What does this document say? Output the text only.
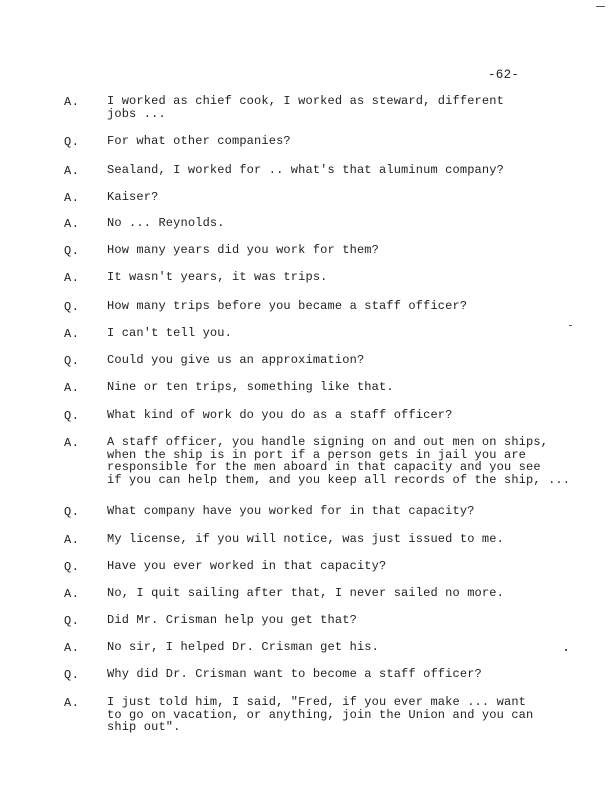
-62-
A. I worked as chief cook, I worked as steward, different
jobs ...
Q. For what other companies?
A. Sealand, I worked for .. what's that aluminum company?
A. Kaiser?
A. No ... Reynolds.
Q. How many years did you work for them?
A. It wasn't years, it was trips.
Q. How many trips before you became a staff officer?
A. I can't tell you.
Q. Could you give us an approximation?
A. Nine or ten trips, something like that.
Q. What kind of work do you do as a staff officer?
A. A staff officer, you handle signing on and out men on ships,
when the ship is in port if a person gets in jail you are
responsible for the men aboard in that capacity and you see
if you can help them, and you keep all records of the ship, ...
Q. What company have you worked for in that capacity?
A. My license, if you will notice, was just issued to me.
Q. Have you ever worked in that capacity?
A. No, I quit sailing after that, I never sailed no more.
Q. Did Mr. Crisman help you get that?
A. No sir, I helped Dr. Crisman get his.
Q. Why did Dr. Crisman want to become a staff officer?
A. I just told him, I said, "Fred, if you ever make ... want
to go on vacation, or anything, join the Union and you can
ship out".
